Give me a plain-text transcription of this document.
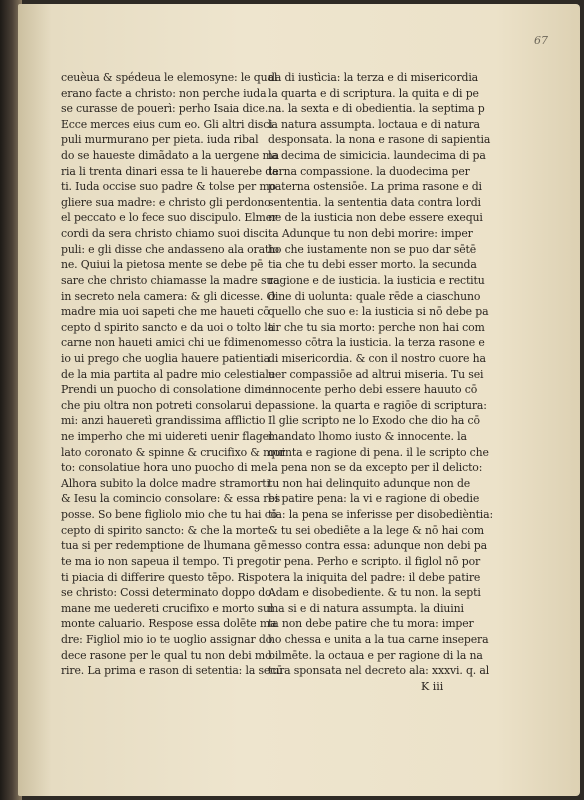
67
ceuèua & spédeua le elemosyne: le qual
erano facte a christo: non perche iuda
se curasse de pouerì: perho Isaia dice.
Ecce merces eius cum eo. Gli altri disci
puli murmurano per pieta. iuda ribal
do se haueste dimãdato a la uergene ma
ria li trenta dinari essa te li hauerebe da
ti. Iuda occise suo padre & tolse per mo
gliere sua madre: e christo gli perdono
el peccato e lo fece suo discipulo. Elmer
cordi da sera christo chiamo suoi disci
puli: e gli disse che andasseno ala oratio
ne. Quiui la pietosa mente se debe pē
sare che christo chiamasse la madre sua
in secreto nela camera: & gli dicesse. O
madre mia uoi sapeti che me haueti cō
cepto d spirito sancto e da uoi o tolto la
carne non haueti amici chi ue fdimeno:
io ui prego che uoglia hauere patientia
de la mia partita al padre mio celestiale
Prendi un puocho di consolatione dime
che piu oltra non potreti consolarui de
mi: anzi haueretì grandissima afflictio
ne imperho che mi uidereti uenir flagel
lato coronato & spinne & crucifixo & mor
to: consolatiue hora uno puocho di me.
Alhora subito la dolce madre stramorti
& Iesu la comincio consolare: & essa res
posse. So bene figliolo mio che tu hai cō
cepto di spirito sancto: & che la morte
tua si per redemptione de lhumana gē
te ma io non sapeua il tempo. Ti prego
ti piacia di differire questo tēpo. Rispo
se christo: Cossi determinato doppo do
mane me uedereti crucifixo e morto sul
monte caluario. Respose essa dolēte ma
dre: Figliol mio io te uoglio assignar do
dece rasone per le qual tu non debi mo
rire. La prima e rason di setentia: la secū
da di iustìcia: la terza e di misericordia
la quarta e di scriptura. la quita e di pe
na. la sexta e di obedientia. la septima p
la natura assumpta. loctaua e di natura
desponsata. la nona e rasone di sapientia
la decima de simicicia. laundecima di pa
terna compassione. la duodecima per
paterna ostensiōe. La prima rasone e di
sententia. la sententia data contra lordi
ne de la iusticia non debe essere exequi
ta Adunque tu non debi morire: imper
ho che iustamente non se puo dar sētē
tia che tu debi esser morto. la secunda
ragione e de iusticia. la iusticia e rectitu
dine di uolunta: quale rēde a ciaschuno
quello che suo e: la iusticia si nō debe pa
tir che tu sia morto: perche non hai com
messo cōtra la iusticia. la terza rasone e
di misericordia. & con il nostro cuore ha
uer compassiōe ad altrui miseria. Tu sei
innocente perho debi essere hauuto cō
passione. la quarta e ragiōe di scriptura:
Il glie scripto ne lo Exodo che dio ha cō
mandato lhomo iusto & innocente. la
quinta e ragione di pena. il le scripto che
la pena non se da excepto per il delicto:
tu non hai delinquito adunque non de
bi patire pena: la vi e ragione di obedie
tia: la pena se inferisse per disobedièntia:
& tu sei obediēte a la lege & nō hai com
messo contra essa: adunque non debi pa
tir pena. Perho e scripto. il figlol nō por
tera la iniquita del padre: il debe patire
Adam e disobediente. & tu non. la septi
ma si e di natura assumpta. la diuini
ta non debe patire che tu mora: imper
ho chessa e unita a la tua carne insepera
bilmēte. la octaua e per ragione di la na
tura sponsata nel decreto ala: xxxvi. q. al
K iii
